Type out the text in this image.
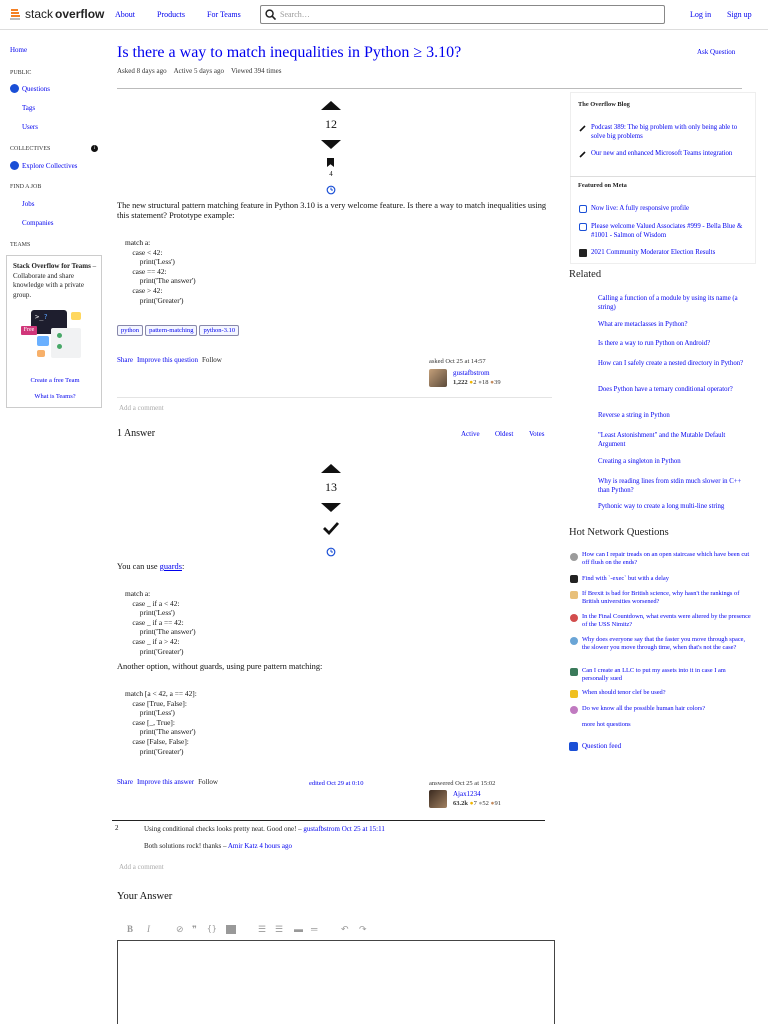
stack overflow About	Products	For Teams	Search…	Log in Sign up
Home
PUBLIC
Questions
Tags
Users
COLLECTIVES	i
Explore Collectives
FIND A JOB
Jobs
Companies
TEAMS
Stack Overflow for Teams – Collaborate and share knowledge with a private group.
>_?
Free
Create a free Team
What is Teams?
Is there a way to match inequalities in Python ≥ 3.10?	Ask Question
Asked 8 days ago Active 5 days ago Viewed 394 times
12
4
The new structural pattern matching feature in Python 3.10 is a very welcome feature. Is there a way to match inequalities using this statement? Prototype example:
match a:
case < 42:
print('Less')
case == 42:
print('The answer')
case > 42:
print('Greater')
python pattern-matching python-3.10
Share Improve this question Follow	asked Oct 25 at 14:57
gustafbstrom
1,222 ●2 ●18 ●39
Add a comment
1 Answer	Active Oldest Votes
13
You can use guards:
match a:
case _ if a < 42:
print('Less')
case _ if a == 42:
print('The answer')
case _ if a > 42:
print('Greater')
Another option, without guards, using pure pattern matching:
match [a < 42, a == 42]:
case [True, False]:
print('Less')
case [_, True]:
print('The answer')
case [False, False]:
print('Greater')
Share Improve this answer Follow	edited Oct 29 at 0:10	answered Oct 25 at 15:02
Ajax1234
63.2k ●7 ●52 ●91
2	Using conditional checks looks pretty neat. Good one! – gustafbstrom Oct 25 at 15:11
Both solutions rock! thanks – Amir Katz 4 hours ago
Add a comment
Your Answer
B I	⊘ ❞ {}	☰ ☰ ▬ ═	↶ ↷
The Overflow Blog
Podcast 389: The big problem with only being able to solve big problems
Our new and enhanced Microsoft Teams integration
Featured on Meta
Now live: A fully responsive profile
Please welcome Valued Associates #999 - Bella Blue & #1001 - Salmon of Wisdom
2021 Community Moderator Election Results
Related
Calling a function of a module by using its name (a string)
What are metaclasses in Python?
Is there a way to run Python on Android?
How can I safely create a nested directory in Python?
Does Python have a ternary conditional operator?
Reverse a string in Python
"Least Astonishment" and the Mutable Default Argument
Creating a singleton in Python
Why is reading lines from stdin much slower in C++ than Python?
Pythonic way to create a long multi-line string
Hot Network Questions
How can I repair treads on an open staircase which have been cut off flush on the ends?
Find with `-exec` but with a delay
If Brexit is bad for British science, why hasn't the rankings of British universities worsened?
In the Final Countdown, what events were altered by the presence of the USS Nimitz?
Why does everyone say that the faster you move through space, the slower you move through time, when that's not the case?
Can I create an LLC to put my assets into it in case I am personally sued
When should tenor clef be used?
Do we know all the possible human hair colors?
more hot questions
Question feed
